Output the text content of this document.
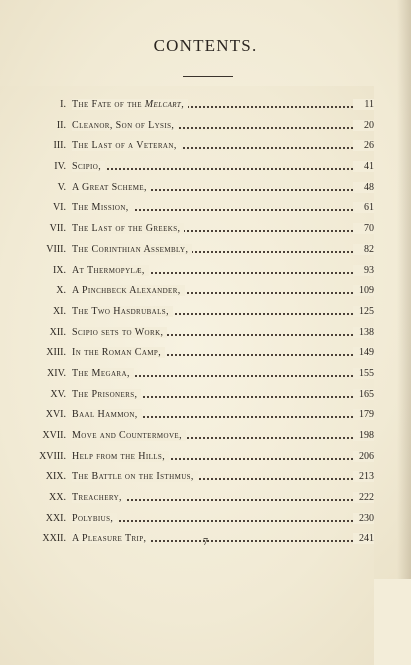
CONTENTS.
I. The Fate of the Melcart,	11
II. Cleanor, Son of Lysis,	20
III. The Last of a Veteran,	26
IV. Scipio,	41
V. A Great Scheme,	48
VI. The Mission,	61
VII. The Last of the Greeks,	70
VIII. The Corinthian Assembly,	82
IX. At Thermopylæ,	93
X. A Pinchbeck Alexander,	109
XI. The Two Hasdrubals,	125
XII. Scipio sets to Work,	138
XIII. In the Roman Camp,	149
XIV. The Megara,	155
XV. The Prisoners,	165
XVI. Baal Hammon,	179
XVII. Move and Countermove,	198
XVIII. Help from the Hills,	206
XIX. The Battle on the Isthmus,	213
XX. Treachery,	222
XXI. Polybius,	230
XXII. A Pleasure Trip,	241
7
